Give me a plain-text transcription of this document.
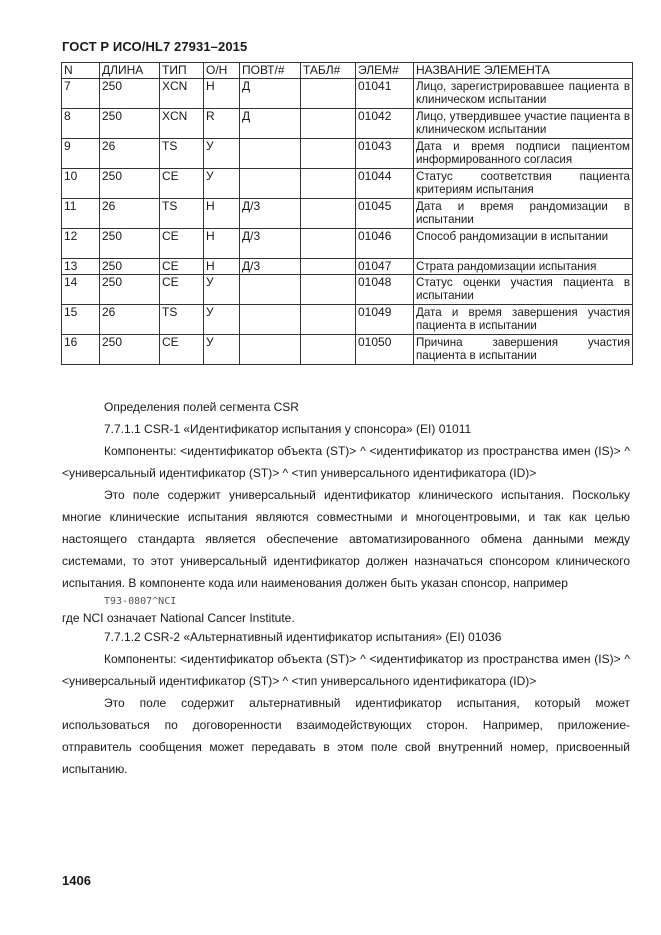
ГОСТ Р ИСО/HL7 27931–2015
N	ДЛИНА	ТИП	О/Н	ПОВТ/#	ТАБЛ#	ЭЛЕМ#	НАЗВАНИЕ ЭЛЕМЕНТА
7	250	XCN	Н	Д		01041	Лицо, зарегистрировавшее пациента в клиническом испытании
8	250	XCN	R	Д		01042	Лицо, утвердившее участие пациента в клиническом испытании
9	26	TS	У			01043	Дата и время подписи пациентом информированного согласия
10	250	CE	У			01044	Статус соответствия пациента критериям испытания
11	26	TS	Н	Д/3		01045	Дата и время рандомизации в испытании
12	250	CE	Н	Д/3		01046	Способ рандомизации в испытании
13	250	CE	Н	Д/3		01047	Страта рандомизации испытания
14	250	CE	У			01048	Статус оценки участия пациента в испытании
15	26	TS	У			01049	Дата и время завершения участия пациента в испытании
16	250	CE	У			01050	Причина завершения участия пациента в испытании

Определения полей сегмента CSR

7.7.1.1 CSR-1 «Идентификатор испытания у спонсора» (EI) 01011

Компоненты: <идентификатор объекта (ST)> ^ <идентификатор из пространства имен (IS)> ^ <универсальный идентификатор (ST)> ^ <тип универсального идентификатора (ID)>

Это поле содержит универсальный идентификатор клинического испытания. Поскольку многие клинические испытания являются совместными и многоцентровыми, и так как целью настоящего стандарта является обеспечение автоматизированного обмена данными между системами, то этот универсальный идентификатор должен назначаться спонсором клинического испытания. В компоненте кода или наименования должен быть указан спонсор, например

T93-0807^NCI

где NCI означает National Cancer Institute.

7.7.1.2 CSR-2 «Альтернативный идентификатор испытания» (EI) 01036

Компоненты: <идентификатор объекта (ST)> ^ <идентификатор из пространства имен (IS)> ^ <универсальный идентификатор (ST)> ^ <тип универсального идентификатора (ID)>

Это поле содержит альтернативный идентификатор испытания, который может использоваться по договоренности взаимодействующих сторон. Например, приложение-отправитель сообщения может передавать в этом поле свой внутренний номер, присвоенный испытанию.

1406
